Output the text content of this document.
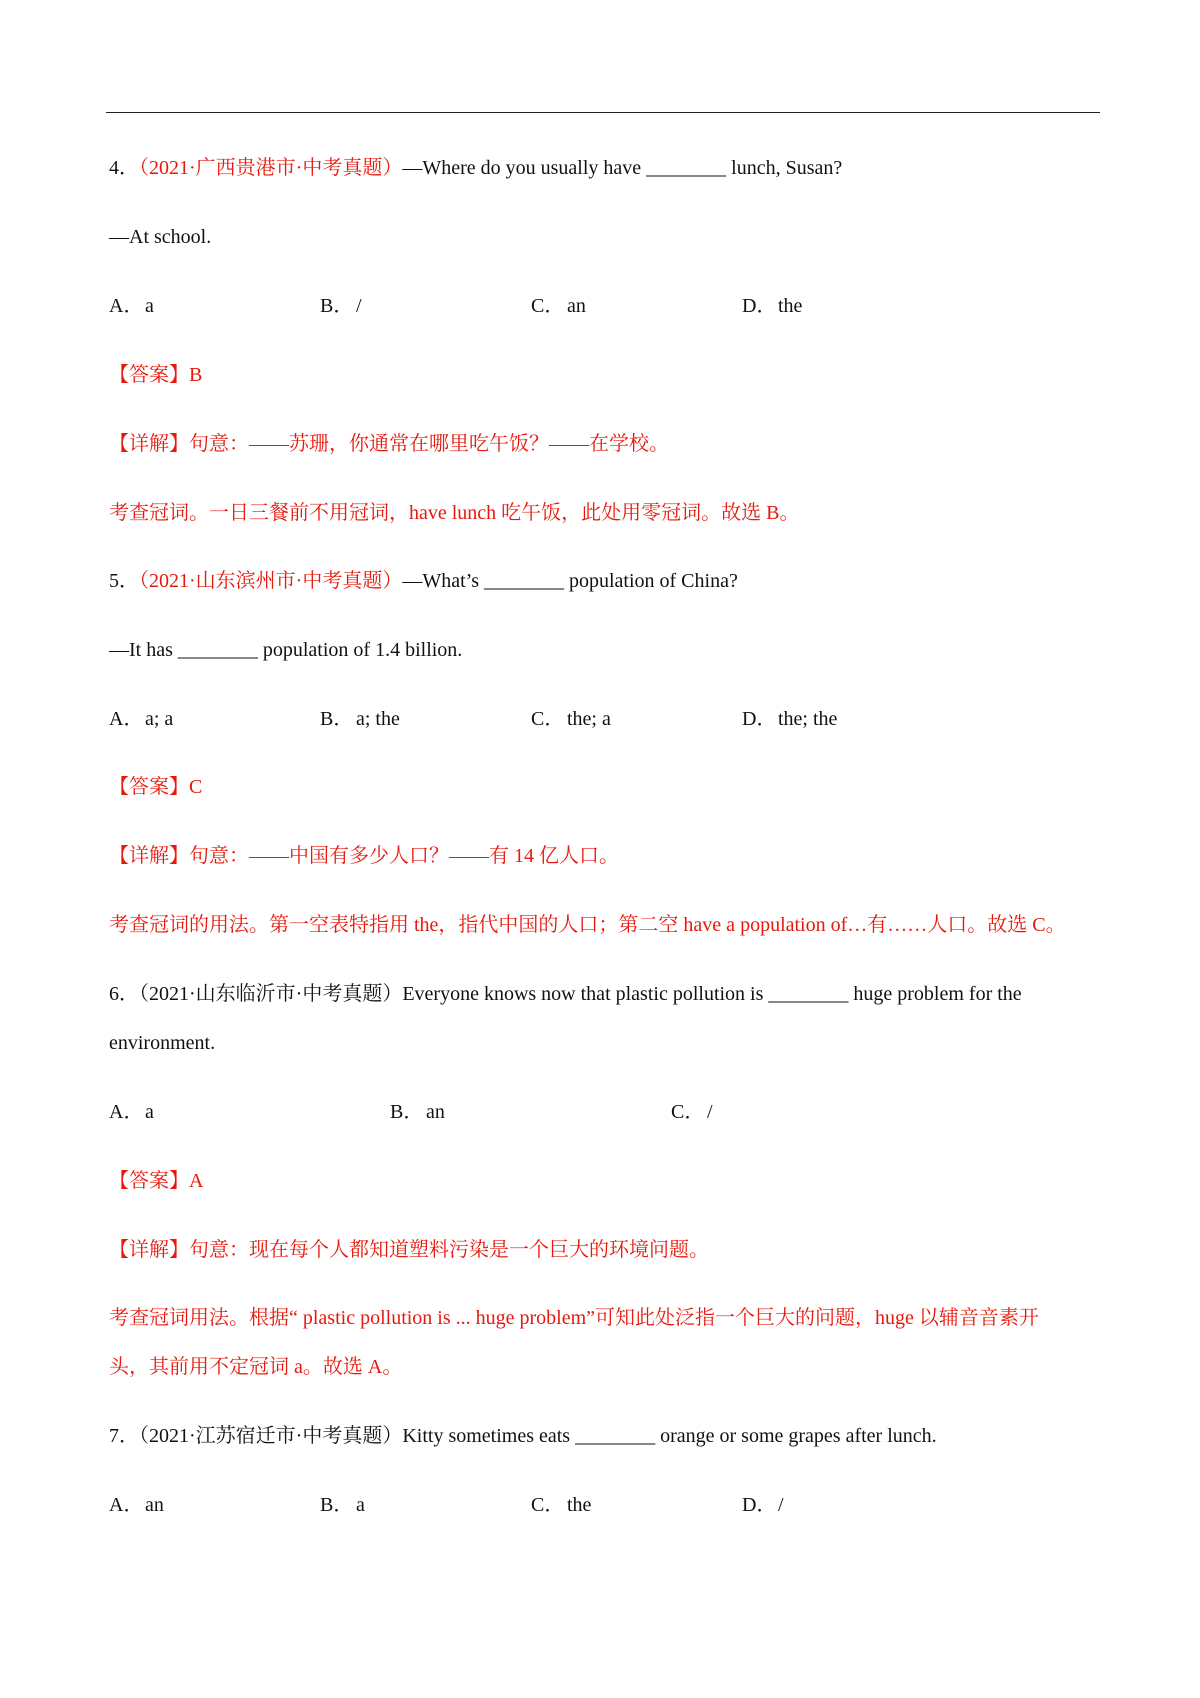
4．（2021·广西贵港市·中考真题）—Where do you usually have ________ lunch, Susan?
—At school.
A．a	B． /	C． an	D．the
【答案】B
【详解】句意：——苏珊，你通常在哪里吃午饭？——在学校。
考查冠词。一日三餐前不用冠词，have lunch 吃午饭，此处用零冠词。故选 B。
5．（2021·山东滨州市·中考真题）—What’s ________ population of China?
—It has ________ population of 1.4 billion.
A．a; a	B． a; the	C． the; a	D．the; the
【答案】C
【详解】句意：——中国有多少人口？——有 14 亿人口。
考查冠词的用法。第一空表特指用 the，指代中国的人口；第二空 have a population of…有……人口。故选 C。
6．（2021·山东临沂市·中考真题）Everyone knows now that plastic pollution is ________ huge problem for the
environment.
A．a	B． an	C． /
【答案】A
【详解】句意：现在每个人都知道塑料污染是一个巨大的环境问题。
考查冠词用法。根据“ plastic pollution is ... huge problem”可知此处泛指一个巨大的问题，huge 以辅音音素开
头，其前用不定冠词 a。故选 A。
7．（2021·江苏宿迁市·中考真题）Kitty sometimes eats ________ orange or some grapes after lunch.
A．an	B． a	C． the	D．/
